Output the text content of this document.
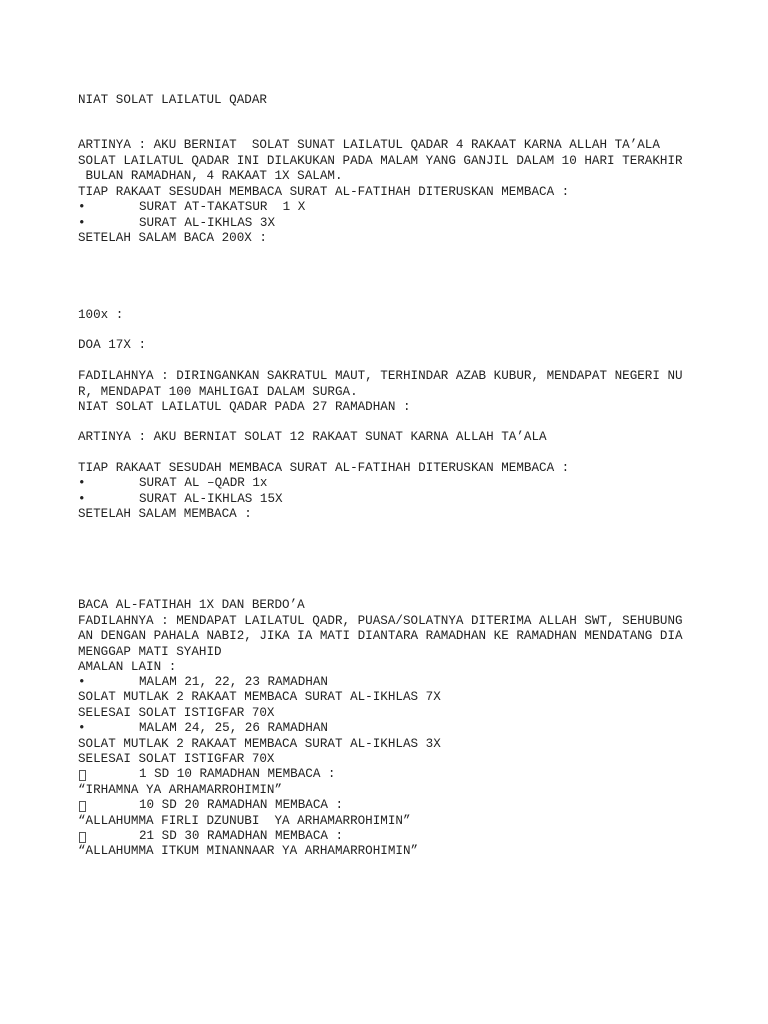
NIAT SOLAT LAILATUL QADAR
ARTINYA : AKU BERNIAT  SOLAT SUNAT LAILATUL QADAR 4 RAKAAT KARNA ALLAH TA’ALA
SOLAT LAILATUL QADAR INI DILAKUKAN PADA MALAM YANG GANJIL DALAM 10 HARI TERAKHIR
BULAN RAMADHAN, 4 RAKAAT 1X SALAM.
TIAP RAKAAT SESUDAH MEMBACA SURAT AL-FATIHAH DITERUSKAN MEMBACA :
•	SURAT AT-TAKATSUR  1 X
•	SURAT AL-IKHLAS 3X
SETELAH SALAM BACA 200X :
100x :
DOA 17X :
FADILAHNYA : DIRINGANKAN SAKRATUL MAUT, TERHINDAR AZAB KUBUR, MENDAPAT NEGERI NU
R, MENDAPAT 100 MAHLIGAI DALAM SURGA.
NIAT SOLAT LAILATUL QADAR PADA 27 RAMADHAN :
ARTINYA : AKU BERNIAT SOLAT 12 RAKAAT SUNAT KARNA ALLAH TA’ALA
TIAP RAKAAT SESUDAH MEMBACA SURAT AL-FATIHAH DITERUSKAN MEMBACA :
•	SURAT AL –QADR 1x
•	SURAT AL-IKHLAS 15X
SETELAH SALAM MEMBACA :
BACA AL-FATIHAH 1X DAN BERDO’A
FADILAHNYA : MENDAPAT LAILATUL QADR, PUASA/SOLATNYA DITERIMA ALLAH SWT, SEHUBUNG
AN DENGAN PAHALA NABI2, JIKA IA MATI DIANTARA RAMADHAN KE RAMADHAN MENDATANG DIA
MENGGAP MATI SYAHID
AMALAN LAIN :
•	MALAM 21, 22, 23 RAMADHAN
SOLAT MUTLAK 2 RAKAAT MEMBACA SURAT AL-IKHLAS 7X
SELESAI SOLAT ISTIGFAR 70X
•	MALAM 24, 25, 26 RAMADHAN
SOLAT MUTLAK 2 RAKAAT MEMBACA SURAT AL-IKHLAS 3X
SELESAI SOLAT ISTIGFAR 70X
1 SD 10 RAMADHAN MEMBACA :
“IRHAMNA YA ARHAMARROHIMIN”
10 SD 20 RAMADHAN MEMBACA :
“ALLAHUMMA FIRLI DZUNUBI  YA ARHAMARROHIMIN”
21 SD 30 RAMADHAN MEMBACA :
“ALLAHUMMA ITKUM MINANNAAR YA ARHAMARROHIMIN”
